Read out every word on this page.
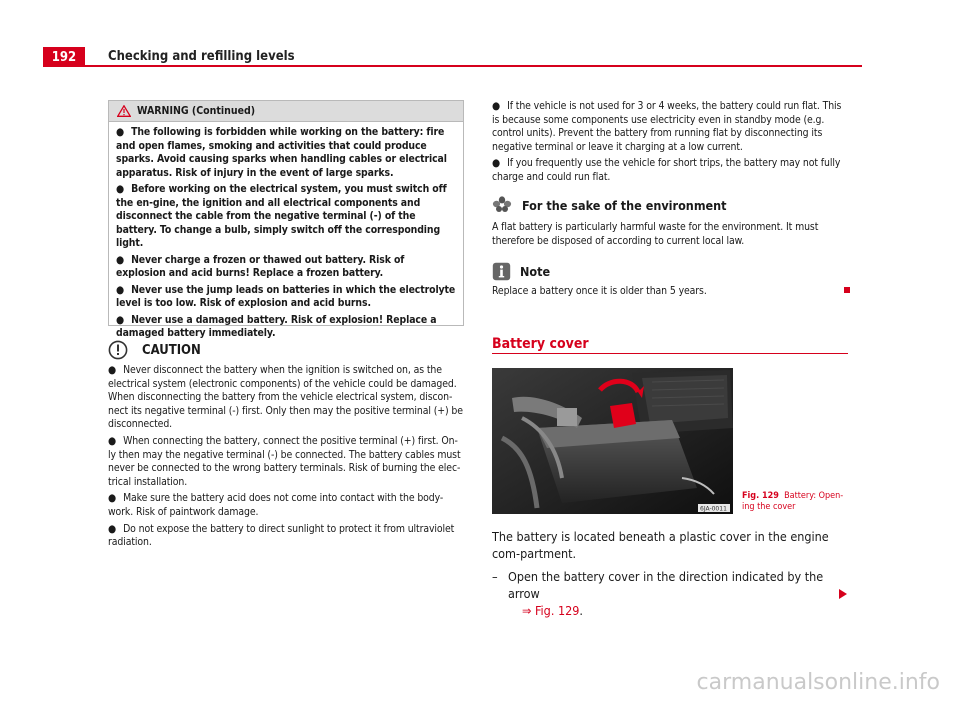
192	Checking and refilling levels
WARNING (Continued)

● The following is forbidden while working on the battery: fire and open flames, smoking and activities that could produce sparks. Avoid causing sparks when handling cables or electrical apparatus. Risk of injury in the event of large sparks.

● Before working on the electrical system, you must switch off the en-gine, the ignition and all electrical components and disconnect the cable from the negative terminal (-) of the battery. To change a bulb, simply switch off the corresponding light.

● Never charge a frozen or thawed out battery. Risk of explosion and acid burns! Replace a frozen battery.

● Never use the jump leads on batteries in which the electrolyte level is too low. Risk of explosion and acid burns.

● Never use a damaged battery. Risk of explosion! Replace a damaged battery immediately.

CAUTION

● Never disconnect the battery when the ignition is switched on, as the electrical system (electronic components) of the vehicle could be damaged. When disconnecting the battery from the vehicle electrical system, discon-nect its negative terminal (-) first. Only then may the positive terminal (+) be disconnected.

● When connecting the battery, connect the positive terminal (+) first. On-ly then may the negative terminal (-) be connected. The battery cables must never be connected to the wrong battery terminals. Risk of burning the elec-trical installation.

● Make sure the battery acid does not come into contact with the body-work. Risk of paintwork damage.

● Do not expose the battery to direct sunlight to protect it from ultraviolet radiation.

● If the vehicle is not used for 3 or 4 weeks, the battery could run flat. This is because some components use electricity even in standby mode (e.g. control units). Prevent the battery from running flat by disconnecting its negative terminal or leave it charging at a low current.

● If you frequently use the vehicle for short trips, the battery may not fully charge and could run flat.

For the sake of the environment

A flat battery is particularly harmful waste for the environment. It must therefore be disposed of according to current local law.

Note

Replace a battery once it is older than 5 years.

Battery cover
6JA-0011
Fig. 129 Battery: Open-ing the cover
The battery is located beneath a plastic cover in the engine com-partment.
– Open the battery cover in the direction indicated by the arrow
⇒ Fig. 129.
carmanualsonline.info
